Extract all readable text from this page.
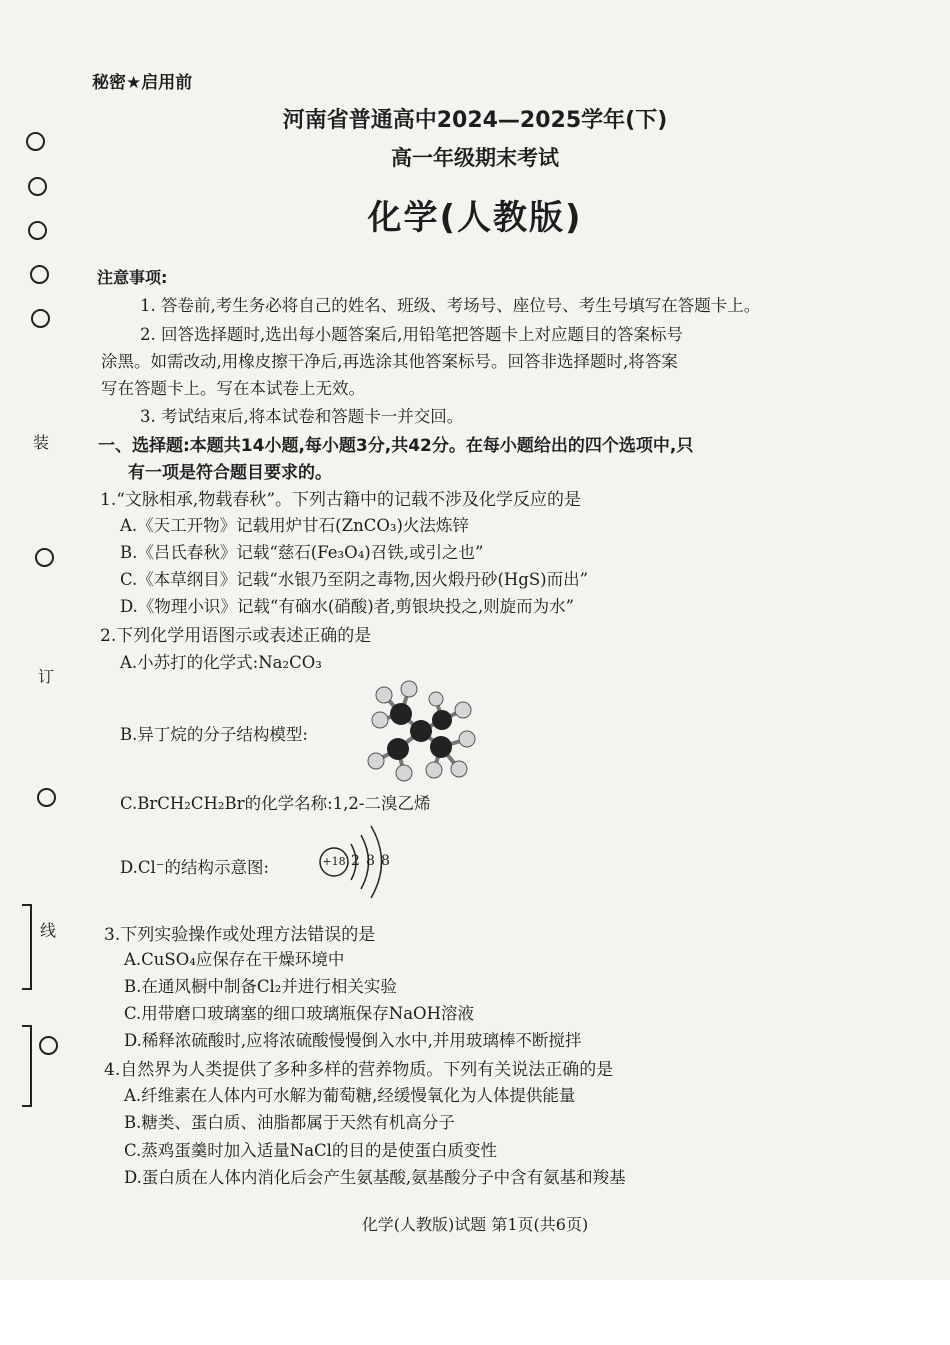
装
订
线
秘密★启用前
河南省普通高中2024—2025学年(下)
高一年级期末考试
化学(人教版)
注意事项:
1. 答卷前,考生务必将自己的姓名、班级、考场号、座位号、考生号填写在答题卡上。
2. 回答选择题时,选出每小题答案后,用铅笔把答题卡上对应题目的答案标号
涂黑。如需改动,用橡皮擦干净后,再选涂其他答案标号。回答非选择题时,将答案
写在答题卡上。写在本试卷上无效。
3. 考试结束后,将本试卷和答题卡一并交回。
一、选择题:本题共14小题,每小题3分,共42分。在每小题给出的四个选项中,只
有一项是符合题目要求的。
1.“文脉相承,物载春秋”。下列古籍中的记载不涉及化学反应的是
A.《天工开物》记载用炉甘石(ZnCO₃)火法炼锌
B.《吕氏春秋》记载“慈石(Fe₃O₄)召铁,或引之也”
C.《本草纲目》记载“水银乃至阴之毒物,因火煅丹砂(HgS)而出”
D.《物理小识》记载“有硇水(硝酸)者,剪银块投之,则旋而为水”
2.下列化学用语图示或表述正确的是
A.小苏打的化学式:Na₂CO₃
B.异丁烷的分子结构模型:
C.BrCH₂CH₂Br的化学名称:1,2-二溴乙烯
D.Cl⁻的结构示意图:	+18 2 8 8
3.下列实验操作或处理方法错误的是
A.CuSO₄应保存在干燥环境中
B.在通风橱中制备Cl₂并进行相关实验
C.用带磨口玻璃塞的细口玻璃瓶保存NaOH溶液
D.稀释浓硫酸时,应将浓硫酸慢慢倒入水中,并用玻璃棒不断搅拌
4.自然界为人类提供了多种多样的营养物质。下列有关说法正确的是
A.纤维素在人体内可水解为葡萄糖,经缓慢氧化为人体提供能量
B.糖类、蛋白质、油脂都属于天然有机高分子
C.蒸鸡蛋羹时加入适量NaCl的目的是使蛋白质变性
D.蛋白质在人体内消化后会产生氨基酸,氨基酸分子中含有氨基和羧基
化学(人教版)试题 第1页(共6页)
